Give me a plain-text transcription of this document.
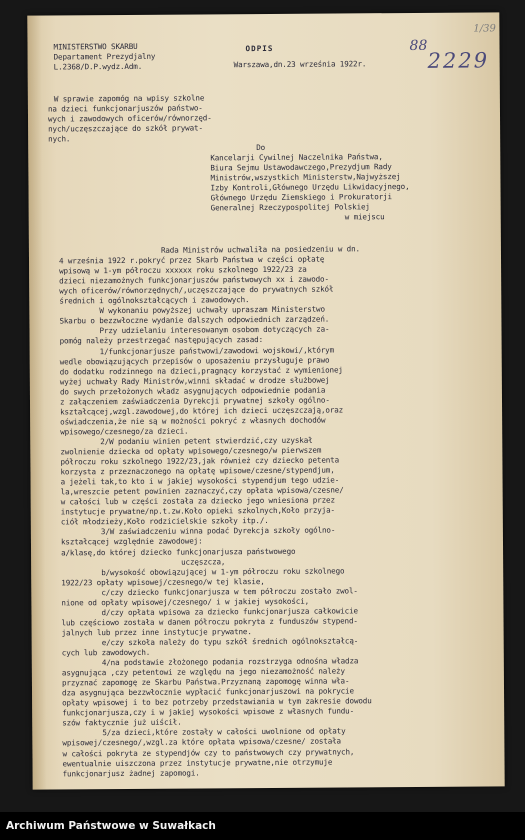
MINISTERSTWO SKARBU
Departament Prezydjalny
L.2368/D.P.wydz.Adm.
ODPIS
Warszawa,dn.23 września 1922r.
88
2229
1/39
W sprawie zapomóg na wpisy szkolne
na dzieci funkcjonarjuszów państwo-
wych i zawodowych oficerów/równorzęd-
nych/uczęszczające do szkół prywat-
nych.
Do
Kancelarji Cywilnej Naczelnika Państwa,
Biura Sejmu Ustawodawczego,Prezydjum Rady
Ministrów,wszystkich Ministerstw,Najwyższej
Izby Kontroli,Głównego Urzędu Likwidacyjnego,
Głównego Urzędu Ziemskiego i Prokuratorji
Generalnej Rzeczypospolitej Polskiej
w miejscu
Rada Ministrów uchwaliła na posiedzeniu w dn.
4 września 1922 r.pokryć przez Skarb Państwa w części opłatę
wpisową w 1-ym półroczu xxxxxx roku szkolnego 1922/23 za
dzieci niezamożnych funkcjonarjuszów państwowych xx i zawodo-
wych oficerów/równorzędnych/,uczęszczające do prywatnych szkół
średnich i ogólnokształcących i zawodowych.
W wykonaniu powyższej uchwały upraszam Ministerstwo
Skarbu o bezzwłoczne wydanie dalszych odpowiednich zarządzeń.
Przy udzielaniu interesowanym osobom dotyczących za-
pomóg należy przestrzegać następujących zasad:
1/funkcjonarjusze państwowi/zawodowi wojskowi/,którym
wedle obowiązujących przepisów o uposażeniu przysługuje prawo
do dodatku rodzinnego na dzieci,pragnący korzystać z wymienionej
wyżej uchwały Rady Ministrów,winni składać w drodze służbowej
do swych przełożonych władz asygnujących odpowiednie podania
z załączeniem zaświadczenia Dyrekcji prywatnej szkoły ogólno-
kształcącej,wzgl.zawodowej,do której ich dzieci uczęszczają,oraz
oświadczenia,że nie są w możności pokryć z własnych dochodów
wpisowego/czesnego/za dzieci.
2/W podaniu winien petent stwierdzić,czy uzyskał
zwolnienie dziecka od opłaty wpisowego/czesnego/w pierwszem
półroczu roku szkolnego 1922/23,jak również czy dziecko petenta
korzysta z przeznaczonego na opłatę wpisowe/czesne/stypendjum,
a jeżeli tak,to kto i w jakiej wysokości stypendjum tego udzie-
la,wreszcie petent powinien zaznaczyć,czy opłata wpisowa/czesne/
w całości lub w części została za dziecko jego wniesiona przez
instytucje prywatne/np.t.zw.Koło opieki szkolnych,Koło przyja-
ciół młodzieży,Koło rodzicielskie szkoły itp./.
3/W zaświadczeniu winna podać Dyrekcja szkoły ogólno-
kształcącej względnie zawodowej:
a/klasę,do której dziecko funkcjonarjusza państwowego
uczęszcza,
b/wysokość obowiązującej w 1-ym półroczu roku szkolnego
1922/23 opłaty wpisowej/czesnego/w tej klasie,
c/czy dziecko funkcjonarjusza w tem półroczu zostało zwol-
nione od opłaty wpisowej/czesnego/ i w jakiej wysokości,
d/czy opłata wpisowa za dziecko funkcjonarjusza całkowicie
lub częściowo została w danem półroczu pokryta z funduszów stypend-
jalnych lub przez inne instytucje prywatne.
e/czy szkoła należy do typu szkół średnich ogólnokształcą-
cych lub zawodowych.
4/na podstawie złożonego podania rozstrzyga odnośna władza
asygnująca ,czy petentowi ze względu na jego niezamożność należy
przyznać zapomogę ze Skarbu Państwa.Przyznaną zapomogę winna wła-
dza asygnująca bezzwłocznie wypłacić funkcjonarjuszowi na pokrycie
opłaty wpisowej i to bez potrzeby przedstawiania w tym zakresie dowodu
funkcjonarjusza,czy i w jakiej wysokości wpisowe z własnych fundu-
szów faktycznie już uiścił.
5/za dzieci,które zostały w całości uwolnione od opłaty
wpisowej/czesnego/,wzgl.za które opłata wpisowa/czesne/ została
w całości pokryta ze stypendjów czy to państwowych czy prywatnych,
ewentualnie uiszczona przez instytucje prywatne,nie otrzymuje
funkcjonarjusz żadnej zapomogi.
Archiwum Państwowe w Suwałkach
